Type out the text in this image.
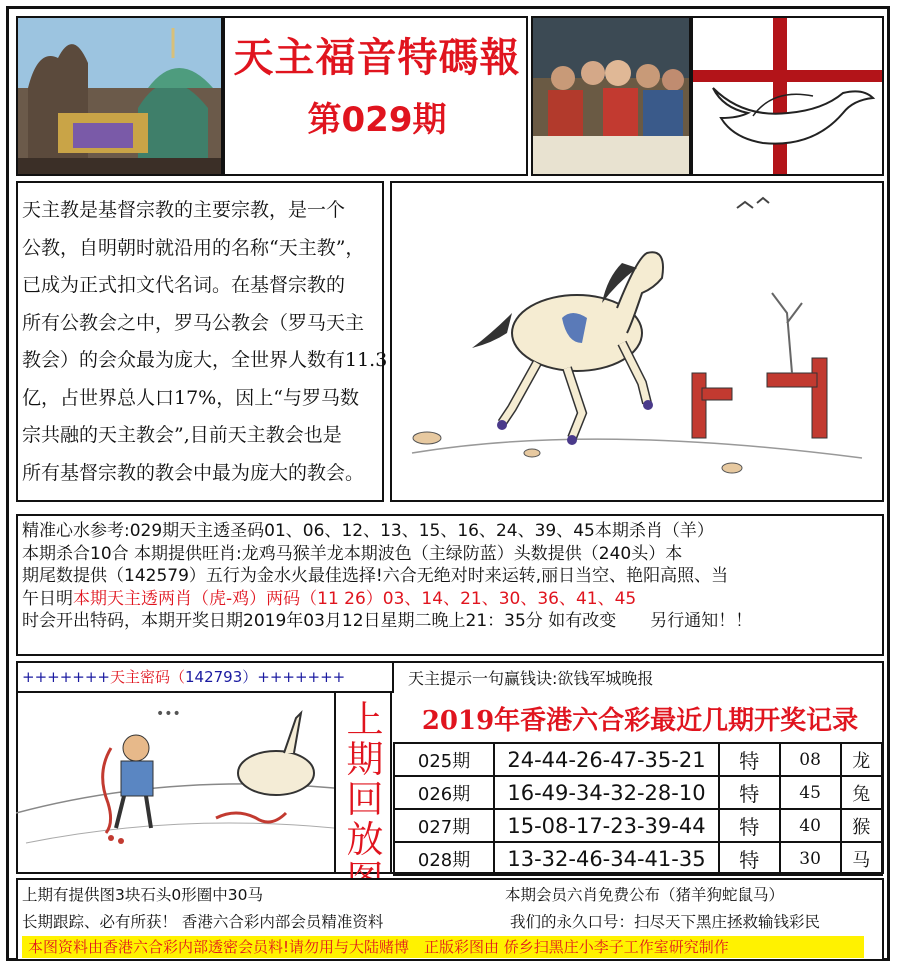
天主福音特碼報
第029期
天主教是基督宗教的主要宗教，是一个
公教，自明朝时就沿用的名称“天主教”，
已成为正式扣文代名词。在基督宗教的
所有公教会之中，罗马公教会（罗马天主
教会）的会众最为庞大，全世界人数有11.3
亿，占世界总人口17%，因上“与罗马数
宗共融的天主教会”,目前天主教会也是
所有基督宗教的教会中最为庞大的教会。
精准心水参考:029期天主透圣码01、06、12、13、15、16、24、39、45本期杀肖（羊）
本期杀合10合 本期提供旺肖:龙鸡马猴羊龙本期波色（主绿防蓝）头数提供（240头）本
期尾数提供（142579）五行为金水火最佳选择!六合无绝对时来运转,丽日当空、艳阳高照、当
午日明本期天主透两肖（虎-鸡）两码（11 26）03、14、21、30、36、41、45
时会开出特码，本期开奖日期2019年03月12日星期二晚上21：35分 如有改变　　另行通知！！
+++++++天主密码（142793）+++++++	天主提示一句赢钱诀:欲钱军城晚报
•••	上
期
回
放
2019年香港六合彩最近几期开奖记录
025期	24-44-26-47-35-21	特	08	龙
026期	16-49-34-32-28-10	特	45	兔
027期	15-08-17-23-39-44	特	40	猴
028期	13-32-46-34-41-35	特	30	马
上期有提供图3块石头0形圈中30马	本期会员六肖免费公布（猪羊狗蛇鼠马）
长期跟踪、必有所获！ 香港六合彩内部会员精准资料	我们的永久口号：扫尽天下黑庄拯救输钱彩民
本图资料由香港六合彩内部透密会员料!请勿用与大陆赌博　正版彩图由 侨乡扫黑庄小李子工作室研究制作
